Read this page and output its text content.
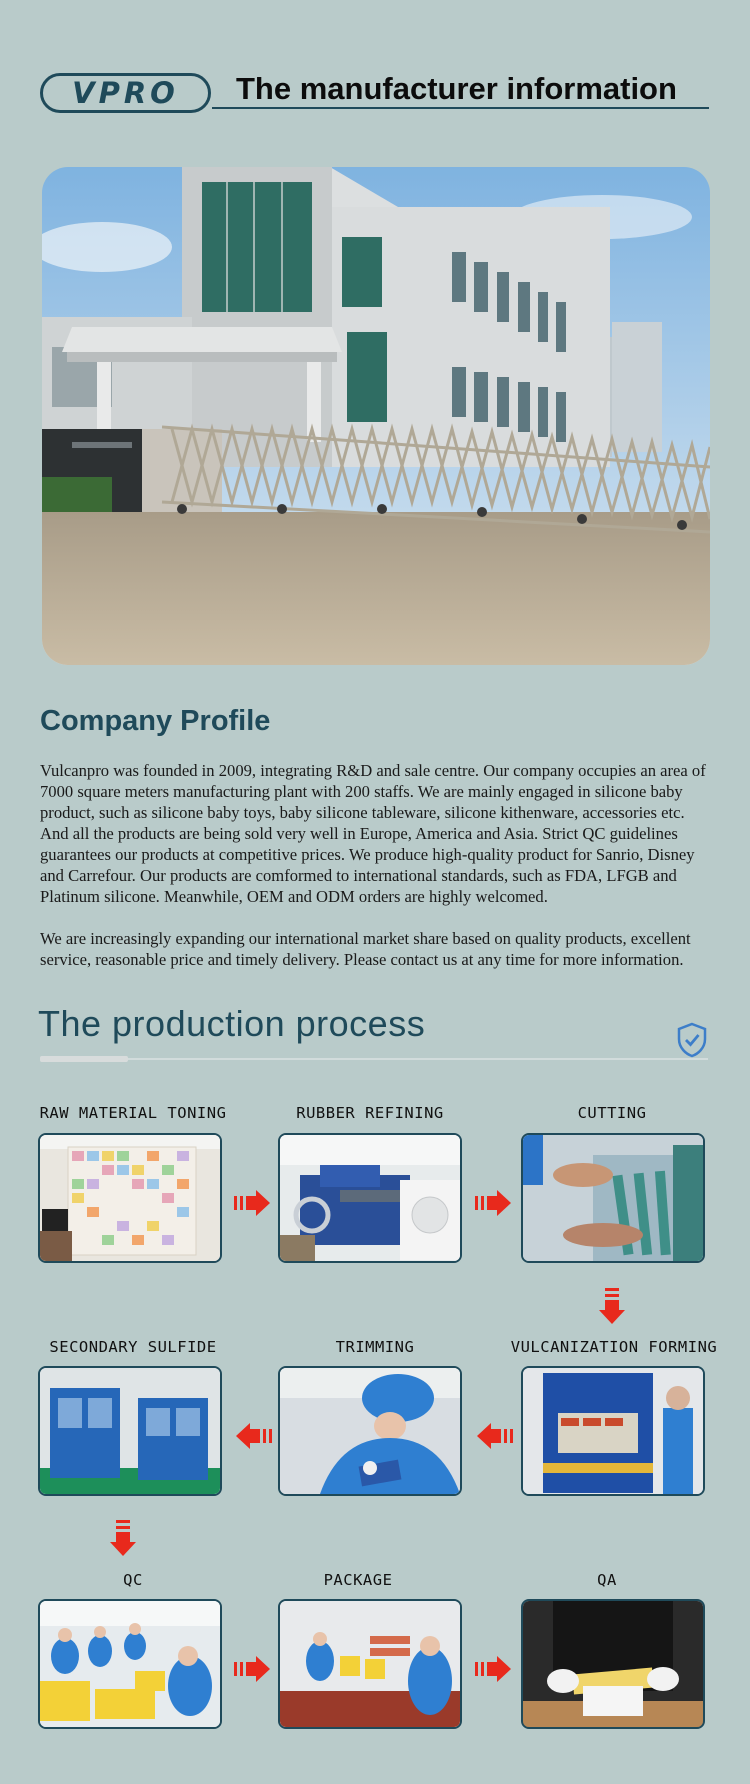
VPRO The manufacturer information
Company Profile

Vulcanpro was founded in 2009, integrating R&D and sale centre. Our company occupies an area of 7000 square meters manufacturing plant with 200 staffs. We are mainly engaged in silicone baby product, such as silicone baby toys, baby silicone tableware, silicone kithenware, accessories etc. And all the products are being sold very well in Europe, America and Asia. Strict QC guidelines guarantees our products at competitive prices. We produce high-quality product for Sanrio, Disney and Carrefour. Our products are comformed to international standards, such as FDA, LFGB and Platinum silicone. Meanwhile, OEM and ODM orders are highly welcomed.

We are increasingly expanding our international market share based on quality products, excellent service, reasonable price and timely delivery. Please contact us at any time for more information.

The production process
RAW MATERIAL TONING	RUBBER REFINING	CUTTING
SECONDARY SULFIDE	TRIMMING	VULCANIZATION FORMING
QC	PACKAGE	QA
